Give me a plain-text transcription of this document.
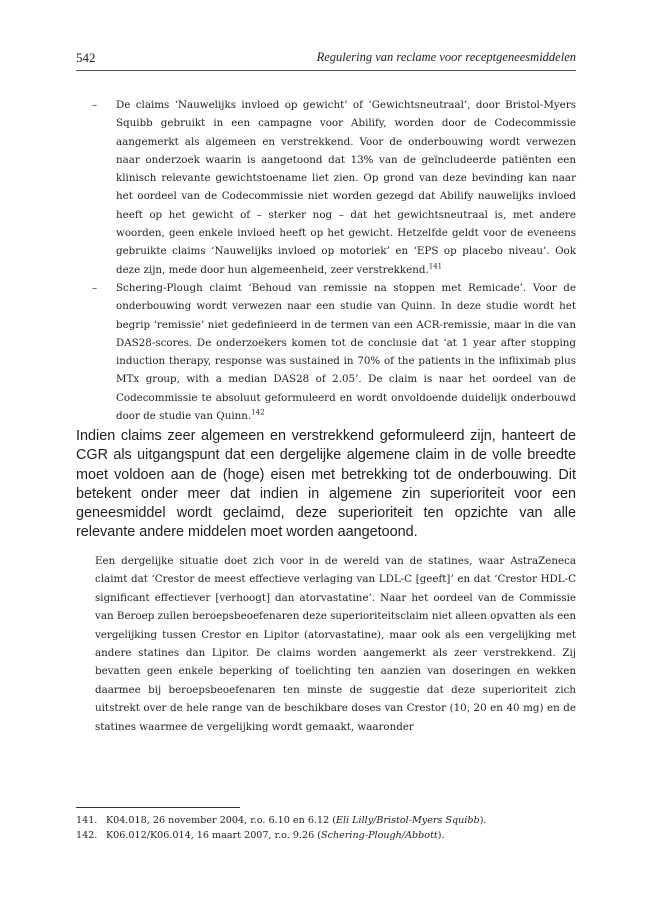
542	Regulering van reclame voor receptgeneesmiddelen
– De claims ‘Nauwelijks invloed op gewicht’ of ‘Gewichtsneutraal’, door Bristol-Myers Squibb gebruikt in een campagne voor Abilify, worden door de Codecommissie aangemerkt als algemeen en verstrekkend. Voor de onderbouwing wordt verwezen naar onderzoek waarin is aangetoond dat 13% van de geïncludeerde patiënten een klinisch relevante gewichtstoename liet zien. Op grond van deze bevinding kan naar het oordeel van de Codecommissie niet worden gezegd dat Abilify nauwelijks invloed heeft op het gewicht of – sterker nog – dat het gewichtsneutraal is, met andere woorden, geen enkele invloed heeft op het gewicht. Hetzelfde geldt voor de eveneens gebruikte claims ‘Nauwelijks invloed op motoriek’ en ‘EPS op placebo niveau’. Ook deze zijn, mede door hun algemeenheid, zeer verstrekkend.$^{141}$
– Schering-Plough claimt ‘Behoud van remissie na stoppen met Remicade’. Voor de onderbouwing wordt verwezen naar een studie van Quinn. In deze studie wordt het begrip ‘remissie’ niet gedefinieerd in de termen van een ACR-remissie, maar in die van DAS28-scores. De onderzoekers komen tot de conclusie dat ‘at 1 year after stopping induction therapy, response was sustained in 70% of the patients in the infliximab plus MTx group, with a median DAS28 of 2.05’. De claim is naar het oordeel van de Codecommissie te absoluut geformuleerd en wordt onvoldoende duidelijk onderbouwd door de studie van Quinn.$^{142}$

Indien claims zeer algemeen en verstrekkend geformuleerd zijn, hanteert de CGR als uitgangspunt dat een dergelijke algemene claim in de volle breedte moet voldoen aan de (hoge) eisen met betrekking tot de onderbouwing. Dit betekent onder meer dat indien in algemene zin superioriteit voor een geneesmiddel wordt geclaimd, deze superioriteit ten opzichte van alle relevante andere middelen moet worden aangetoond.

Een dergelijke situatie doet zich voor in de wereld van de statines, waar AstraZeneca claimt dat ‘Crestor de meest effectieve verlaging van LDL-C [geeft]’ en dat ‘Crestor HDL-C significant effectiever [verhoogt] dan atorvastatine’. Naar het oordeel van de Commissie van Beroep zullen beroepsbeoefenaren deze superioriteitsclaim niet alleen opvatten als een vergelijking tussen Crestor en Lipitor (atorvastatine), maar ook als een vergelijking met andere statines dan Lipitor. De claims worden aangemerkt als zeer verstrekkend. Zij bevatten geen enkele beperking of toelichting ten aanzien van doseringen en wekken daarmee bij beroepsbeoefenaren ten minste de suggestie dat deze superioriteit zich uitstrekt over de hele range van de beschikbare doses van Crestor (10, 20 en 40 mg) en de statines waarmee de vergelijking wordt gemaakt, waaronder

141. K04.018, 26 november 2004, r.o. 6.10 en 6.12 (Eli Lilly/Bristol-Myers Squibb).
142. K06.012/K06.014, 16 maart 2007, r.o. 9.26 (Schering-Plough/Abbott).
